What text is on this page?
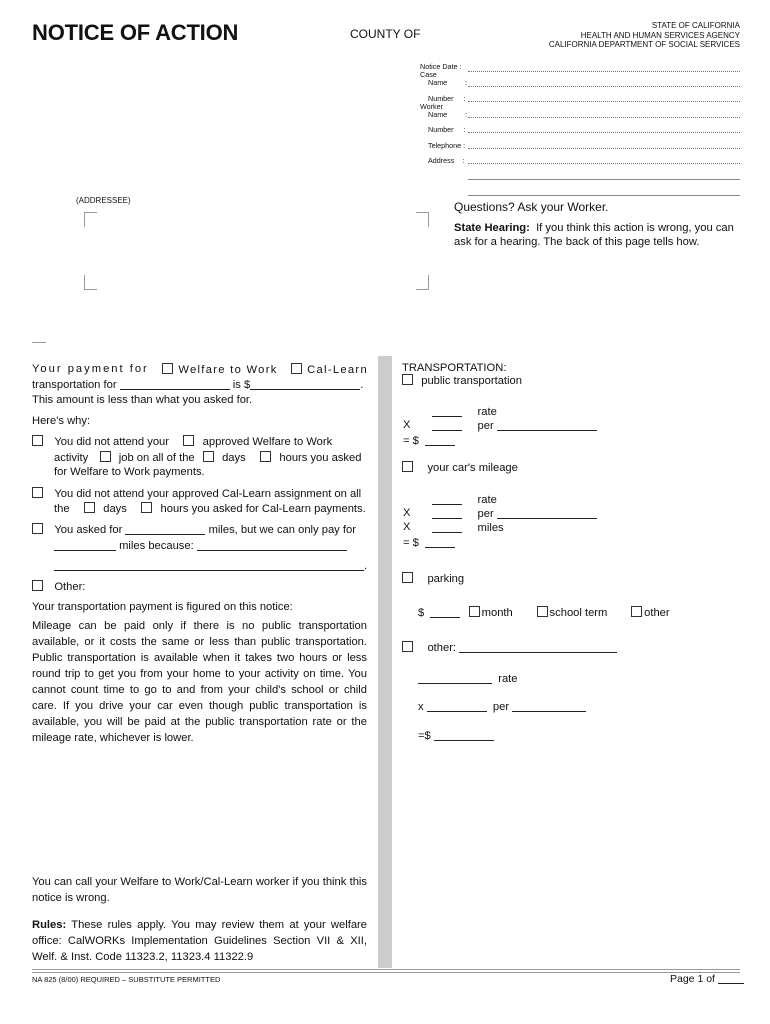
NOTICE OF ACTION	COUNTY OF
STATE OF CALIFORNIA
HEALTH AND HUMAN SERVICES AGENCY
CALIFORNIA DEPARTMENT OF SOCIAL SERVICES
Notice Date :
Case
Name :
Number :
Worker
Name :
Number :
Telephone :
Address :
(ADDRESSEE)	Questions? Ask your Worker.
State Hearing: If you think this action is wrong, you can
ask for a hearing. The back of this page tells how.
Your payment for	Welfare to Work	Cal-Learn
transportation for	is $	.
This amount is less than what you asked for.
Here's why:
You did not attend your	approved Welfare to Work
activity	job on all of the days	hours you asked
for Welfare to Work payments.
You did not attend your approved Cal-Learn assignment on all
the	days	hours you asked for Cal-Learn payments.
You asked for	miles, but we can only pay for
miles because:
.
Other:
Your transportation payment is figured on this notice:
Mileage can be paid only if there is no public transportation available, or it costs the same or less than public transportation. Public transportation is available when it takes two hours or less round trip to get you from your home to your activity on time. You cannot count time to go to and from your child's school or child care. If you drive your car even though public transportation is available, you will be paid at the public transportation rate or the mileage rate, whichever is lower.
You can call your Welfare to Work/Cal-Learn worker if you think this notice is wrong.
Rules: These rules apply. You may review them at your welfare office: CalWORKs Implementation Guidelines Section VII & XII, Welf. & Inst. Code 11323.2, 11323.4 11322.9
TRANSPORTATION:
public transportation
rate
X	per
= $
your car's mileage
rate
X	per
X	miles
= $
parking
$	month	school term	other
other:
rate
x	per
=$
NA 825 (8/00) REQUIRED – SUBSTITUTE PERMITTED	Page 1 of
